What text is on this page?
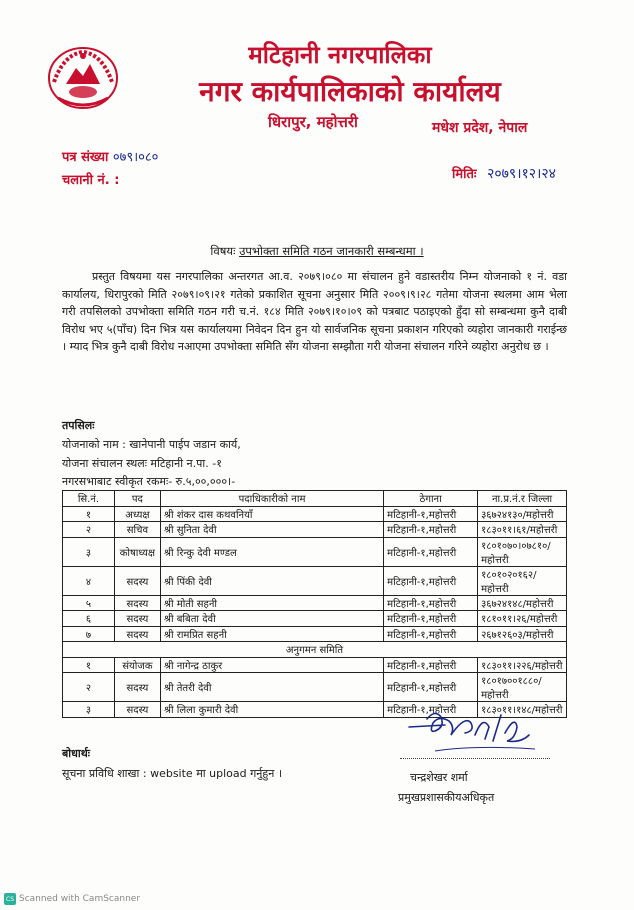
मटिहानी नगरपालिका
नगर कार्यपालिकाको कार्यालय
धिरापुर, महोत्तरी	मधेश प्रदेश, नेपाल
पत्र संख्या ०७९।०८०
चलानी नं. :	मितिः २०७९।१२।२४
विषयः उपभोक्ता समिति गठन जानकारी सम्बन्धमा ।

प्रस्तुत विषयमा यस नगरपालिका अन्तरगत आ.व. २०७९।०८० मा संचालन हुने वडास्तरीय निम्न योजनाको १ नं. वडा कार्यालय, धिरापुरको मिति २०७९।०९।२१ गतेको प्रकाशित सूचना अनुसार मिति २००९।९।२८ गतेमा योजना स्थलमा आम भेला गरी तपसिलको उपभोक्ता समिति गठन गरी च.नं. १८४ मिति २०७९।१०।०९ को पत्रबाट पठाइएको हुँदा सो सम्बन्धमा कुनै दाबी विरोध भए ५(पाँच) दिन भित्र यस कार्यालयमा निवेदन दिन हुन यो सार्वजनिक सूचना प्रकाशन गरिएको व्यहोरा जानकारी गराईन्छ । म्याद भित्र कुनै दाबी विरोध नआएमा उपभोक्ता समिति सँग योजना सम्झौता गरी योजना संचालन गरिने व्यहोरा अनुरोध छ ।

तपसिलः
योजनाको नाम : खानेपानी पाईप जडान कार्य,
योजना संचालन स्थलः मटिहानी न.पा. -१
नगरसभाबाट स्वीकृत रकमः- रु.५,००,०००।-
सि.नं.	पद	पदाधिकारीको नाम	ठेगाना	ना.प्र.नं.र जिल्ला
१	अध्यक्ष	श्री शंकर दास कथवनियाँ	मटिहानी-१,महोत्तरी	३६७२४१३०/महोत्तरी
२	सचिव	श्री सुनिता देवी	मटिहानी-१,महोत्तरी	१८३०११।६१/महोत्तरी
३	कोषाध्यक्ष	श्री रिन्कु देवी मण्डल	मटिहानी-१,महोत्तरी	१८०१०७०।०७८१०/महोत्तरी
४	सदस्य	श्री पिंकी देवी	मटिहानी-१,महोत्तरी	१८०१०२०१६२/महोत्तरी
५	सदस्य	श्री मोती सहनी	मटिहानी-१,महोत्तरी	३६७२४१४८/महोत्तरी
६	सदस्य	श्री बबिता देवी	मटिहानी-१,महोत्तरी	१८१०११।२६/महोत्तरी
७	सदस्य	श्री रामप्रित सहनी	मटिहानी-१,महोत्तरी	२६७१२६०३/महोत्तरी
अनुगमन समिति				
१	संयोजक	श्री नागेन्द्र ठाकुर	मटिहानी-१,महोत्तरी	१८३०११।२२६/महोत्तरी
२	सदस्य	श्री तेतरी देवी	मटिहानी-१,महोत्तरी	१८०१७००१८८०/महोत्तरी
३	सदस्य	श्री लिला कुमारी देवी	मटिहानी-१,महोत्तरी	१८३०११।१४८/महोत्तरी
बोधार्थः
सूचना प्रविधि शाखा : website मा upload गर्नुहुन ।	चन्द्रशेखर शर्मा
प्रमुखप्रशासकीयअधिकृत
CS Scanned with CamScanner
